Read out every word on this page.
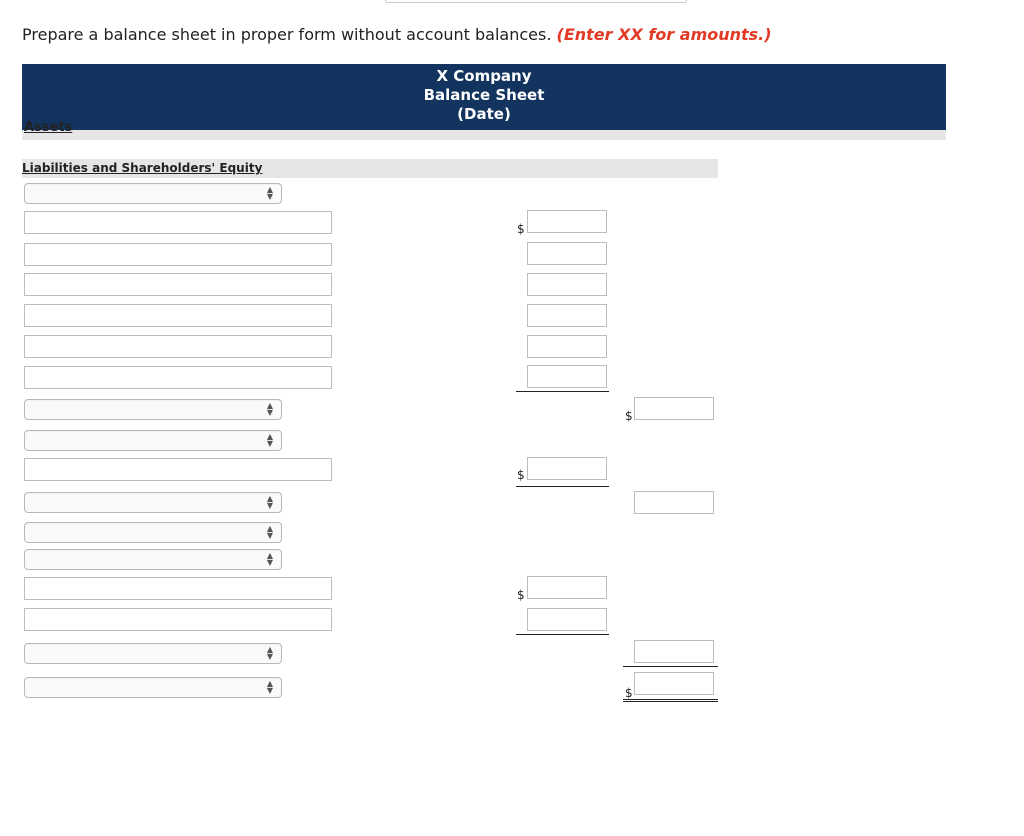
Prepare a balance sheet in proper form without account balances. (Enter XX for amounts.)
X Company
Balance Sheet
(Date)
Assets
Liabilities and Shareholders' Equity
▲
▼
$
▲
▼	$
▲
▼
$
▲
▼
▲
▼
▲
▼
$
▲
▼
▲
▼	$
